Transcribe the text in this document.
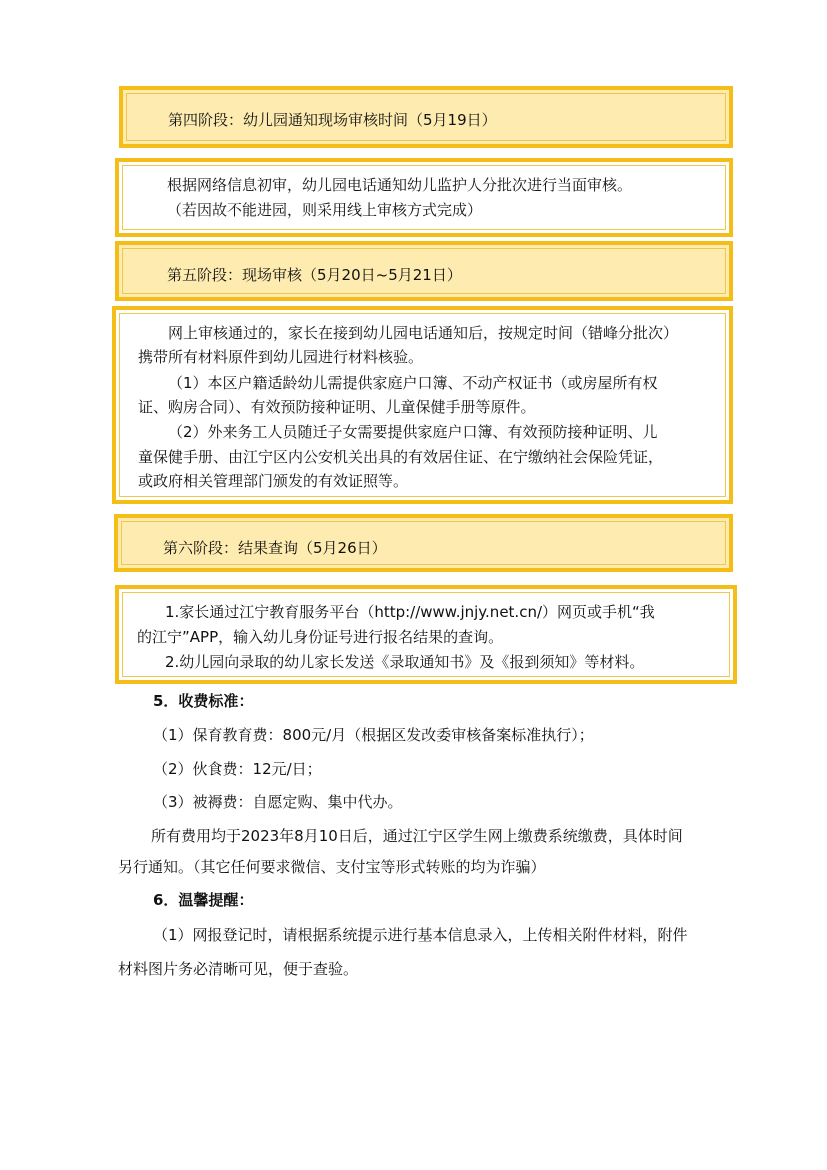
第四阶段：幼儿园通知现场审核时间（5月19日）
根据网络信息初审，幼儿园电话通知幼儿监护人分批次进行当面审核。
（若因故不能进园，则采用线上审核方式完成）
第五阶段：现场审核（5月20日~5月21日）
网上审核通过的，家长在接到幼儿园电话通知后，按规定时间（错峰分批次）
携带所有材料原件到幼儿园进行材料核验。
（1）本区户籍适龄幼儿需提供家庭户口簿、不动产权证书（或房屋所有权
证、购房合同）、有效预防接种证明、儿童保健手册等原件。
（2）外来务工人员随迁子女需要提供家庭户口簿、有效预防接种证明、儿
童保健手册、由江宁区内公安机关出具的有效居住证、在宁缴纳社会保险凭证，
或政府相关管理部门颁发的有效证照等。
第六阶段：结果查询（5月26日）
1.家长通过江宁教育服务平台（http://www.jnjy.net.cn/）网页或手机“我
的江宁”APP，输入幼儿身份证号进行报名结果的查询。
2.幼儿园向录取的幼儿家长发送《录取通知书》及《报到须知》等材料。
5．收费标准：
（1）保育教育费：800元/月（根据区发改委审核备案标准执行）；
（2）伙食费：12元/日；
（3）被褥费：自愿定购、集中代办。
所有费用均于2023年8月10日后，通过江宁区学生网上缴费系统缴费，具体时间
另行通知。（其它任何要求微信、支付宝等形式转账的均为诈骗）
6．温馨提醒：
（1）网报登记时，请根据系统提示进行基本信息录入，上传相关附件材料，附件
材料图片务必清晰可见，便于查验。
